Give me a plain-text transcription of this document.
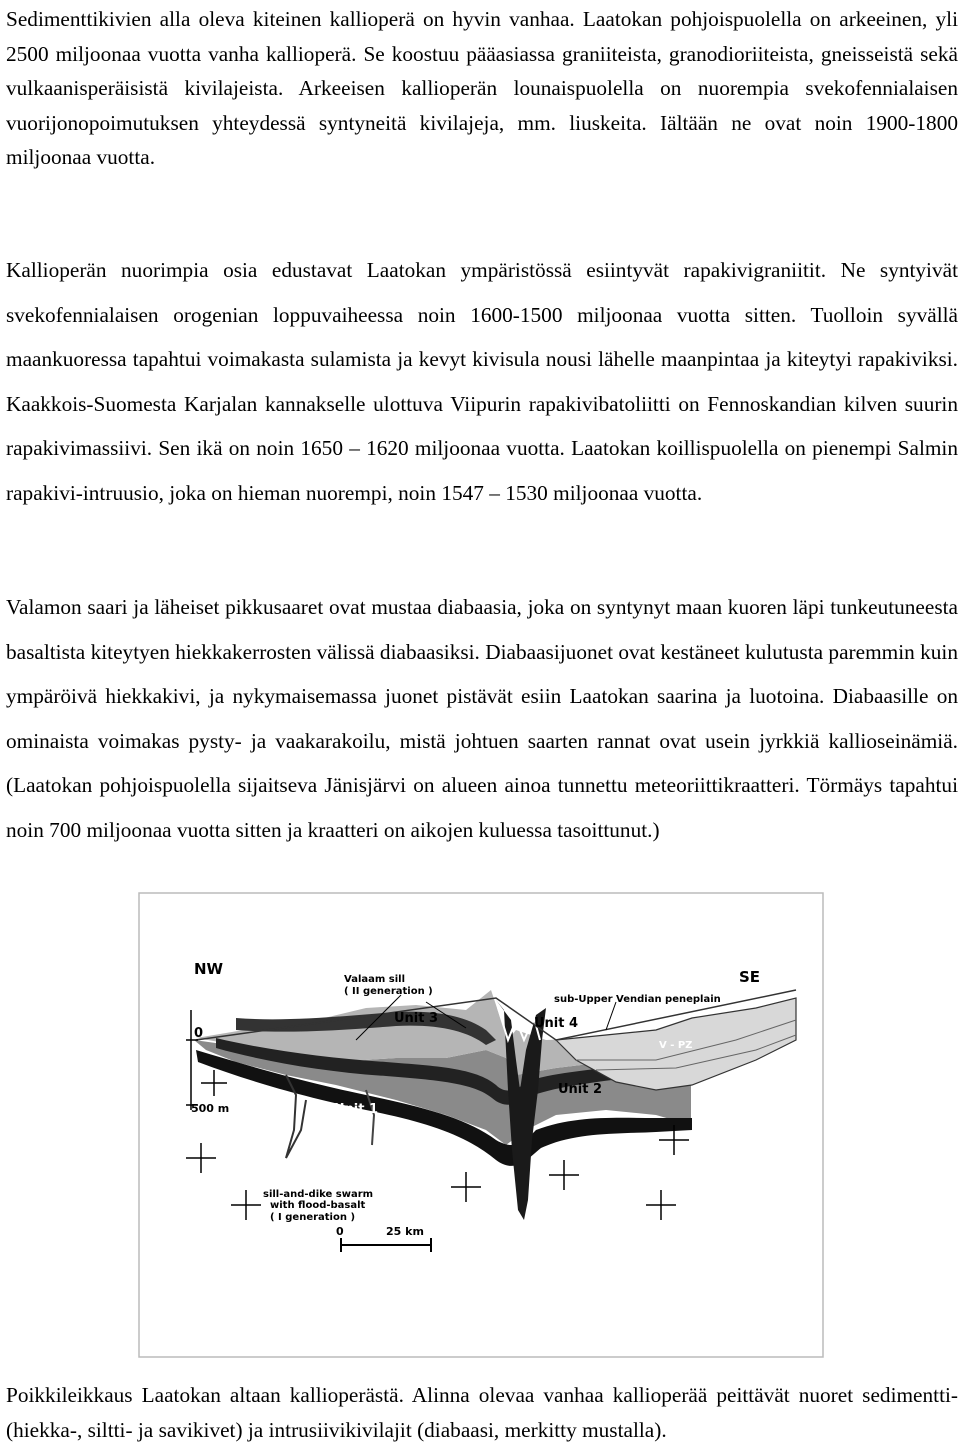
Sedimenttikivien alla oleva kiteinen kallioperä on hyvin vanhaa. Laatokan pohjoispuolella on arkeeinen, yli 2500 miljoonaa vuotta vanha kallioperä. Se koostuu pääasiassa graniiteista, granodioriiteista, gneisseistä sekä vulkaanisperäisistä kivilajeista. Arkeeisen kallioperän lounaispuolella on nuorempia svekofennialaisen vuorijonopoimutuksen yhteydessä syntyneitä kivilajeja, mm. liuskeita. Iältään ne ovat noin 1900-1800 miljoonaa vuotta.

Kallioperän nuorimpia osia edustavat Laatokan ympäristössä esiintyvät rapakivigraniitit. Ne syntyivät svekofennialaisen orogenian loppuvaiheessa noin 1600-1500 miljoonaa vuotta sitten. Tuolloin syvällä maankuoressa tapahtui voimakasta sulamista ja kevyt kivisula nousi lähelle maanpintaa ja kiteytyi rapakiviksi. Kaakkois-Suomesta Karjalan kannakselle ulottuva Viipurin rapakivibatoliitti on Fennoskandian kilven suurin rapakivimassiivi. Sen ikä on noin 1650 – 1620 miljoonaa vuotta. Laatokan koillispuolella on pienempi Salmin rapakivi-intruusio, joka on hieman nuorempi, noin 1547 – 1530 miljoonaa vuotta.

Valamon saari ja läheiset pikkusaaret ovat mustaa diabaasia, joka on syntynyt maan kuoren läpi tunkeutuneesta basaltista kiteytyen hiekkakerrosten välissä diabaasiksi. Diabaasijuonet ovat kestäneet kulutusta paremmin kuin ympäröivä hiekkakivi, ja nykymaisemassa juonet pistävät esiin Laatokan saarina ja luotoina. Diabaasille on ominaista voimakas pysty- ja vaakarakoilu, mistä johtuen saarten rannat ovat usein jyrkkiä kallioseinämiä. (Laatokan pohjoispuolella sijaitseva Jänisjärvi on alueen ainoa tunnettu meteoriittikraatteri. Törmäys tapahtui noin 700 miljoonaa vuotta sitten ja kraatteri on aikojen kuluessa tasoittunut.)

NW	SE
Valaam sill
( II generation )
sub-Upper Vendian peneplain
Unit 3	Unit 4
Unit 1
Unit 2
0
500 m
V - PZ
sill-and-dike swarm
with flood-basalt
( I generation )
0	25 km

Poikkileikkaus Laatokan altaan kallioperästä. Alinna olevaa vanhaa kallioperää peittävät nuoret sedimentti- (hiekka-, siltti- ja savikivet) ja intrusiivikivilajit (diabaasi, merkitty mustalla).
